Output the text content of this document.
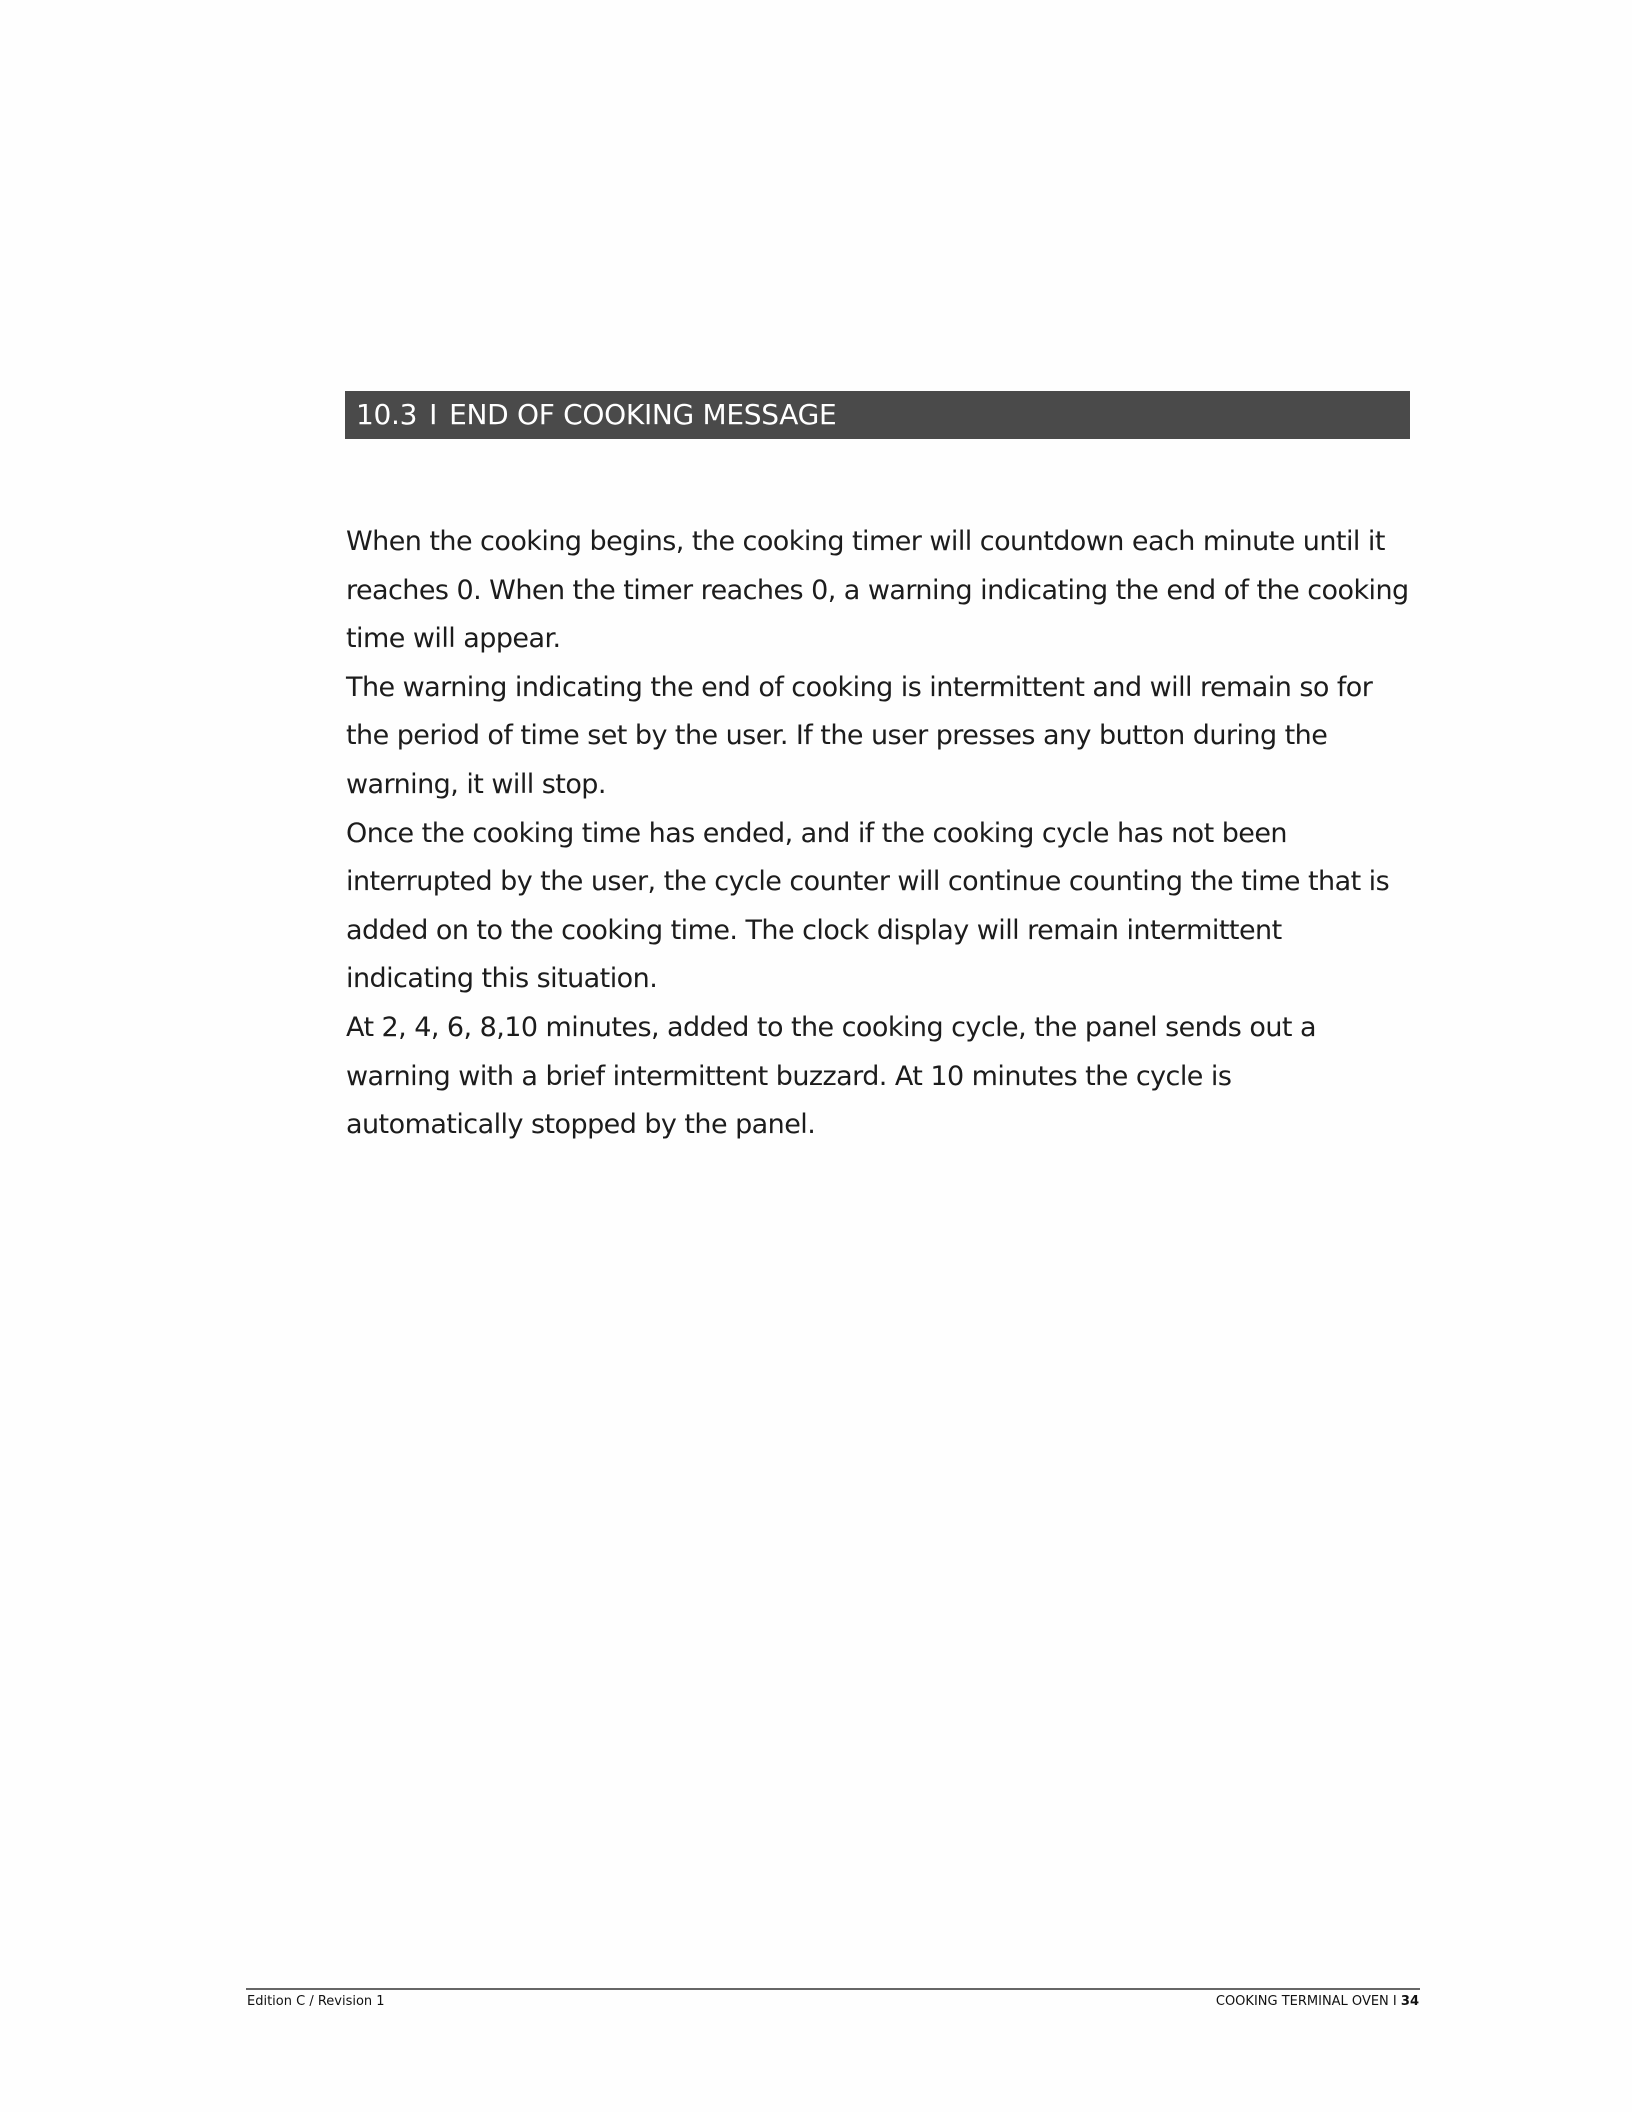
10.3 I END OF COOKING MESSAGE

When the cooking begins, the cooking timer will countdown each minute until it reaches 0. When the timer reaches 0, a warning indicating the end of the cooking time will appear.

The warning indicating the end of cooking is intermittent and will remain so for the period of time set by the user. If the user presses any button during the warning, it will stop.

Once the cooking time has ended, and if the cooking cycle has not been interrupted by the user, the cycle counter will continue counting the time that is added on to the cooking time. The clock display will remain intermittent indicating this situation.

At 2, 4, 6, 8,10 minutes, added to the cooking cycle, the panel sends out a warning with a brief intermittent buzzard. At 10 minutes the cycle is automatically stopped by the panel.

Edition C / Revision 1	COOKING TERMINAL OVEN I 34
